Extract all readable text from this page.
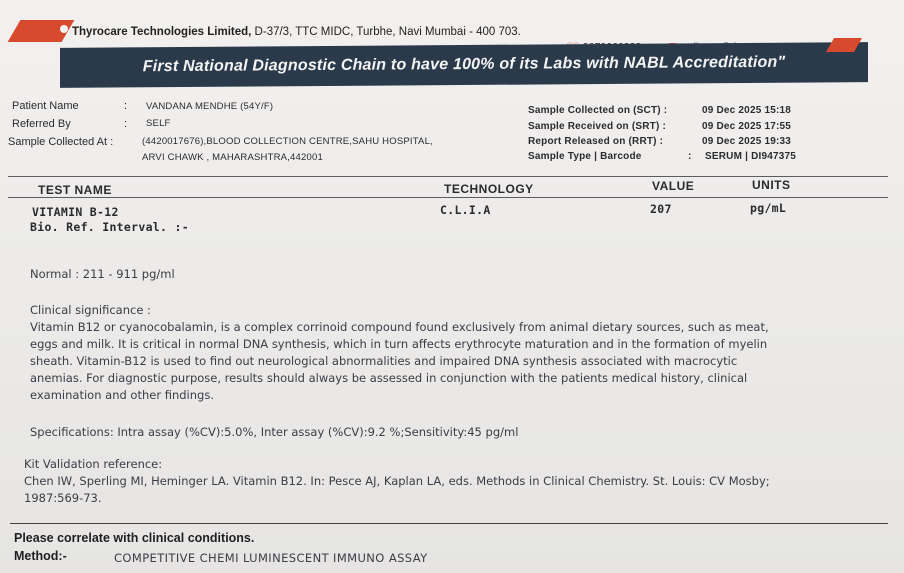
Thyrocare Technologies Limited, D-37/3, TTC MIDC, Turbhe, Navi Mumbai - 400 703.
First National Diagnostic Chain to have 100% of its Labs with NABL Accreditation"
Patient Name	: VANDANA MENDHE (54Y/F)
Referred By	: SELF
Sample Collected At :	(4420017676),BLOOD COLLECTION CENTRE,SAHU HOSPITAL,
ARVI CHAWK , MAHARASHTRA,442001
Sample Collected on (SCT) :	09 Dec 2025 15:18
Sample Received on (SRT) :	09 Dec 2025 17:55
Report Released on (RRT) :	09 Dec 2025 19:33
Sample Type | Barcode	: SERUM | DI947375
TEST NAME	TECHNOLOGY	VALUE	UNITS
VITAMIN B-12	C.L.I.A	207	pg/mL
Bio. Ref. Interval. :-
Normal : 211 - 911 pg/ml
Clinical significance :
Vitamin B12 or cyanocobalamin, is a complex corrinoid compound found exclusively from animal dietary sources, such as meat,
eggs and milk. It is critical in normal DNA synthesis, which in turn affects erythrocyte maturation and in the formation of myelin
sheath. Vitamin-B12 is used to find out neurological abnormalities and impaired DNA synthesis associated with macrocytic
anemias. For diagnostic purpose, results should always be assessed in conjunction with the patients medical history, clinical
examination and other findings.
Specifications: Intra assay (%CV):5.0%, Inter assay (%CV):9.2 %;Sensitivity:45 pg/ml
Kit Validation reference:
Chen IW, Sperling MI, Heminger LA. Vitamin B12. In: Pesce AJ, Kaplan LA, eds. Methods in Clinical Chemistry. St. Louis: CV Mosby;
1987:569-73.
Please correlate with clinical conditions.
Method:-	COMPETITIVE CHEMI LUMINESCENT IMMUNO ASSAY
